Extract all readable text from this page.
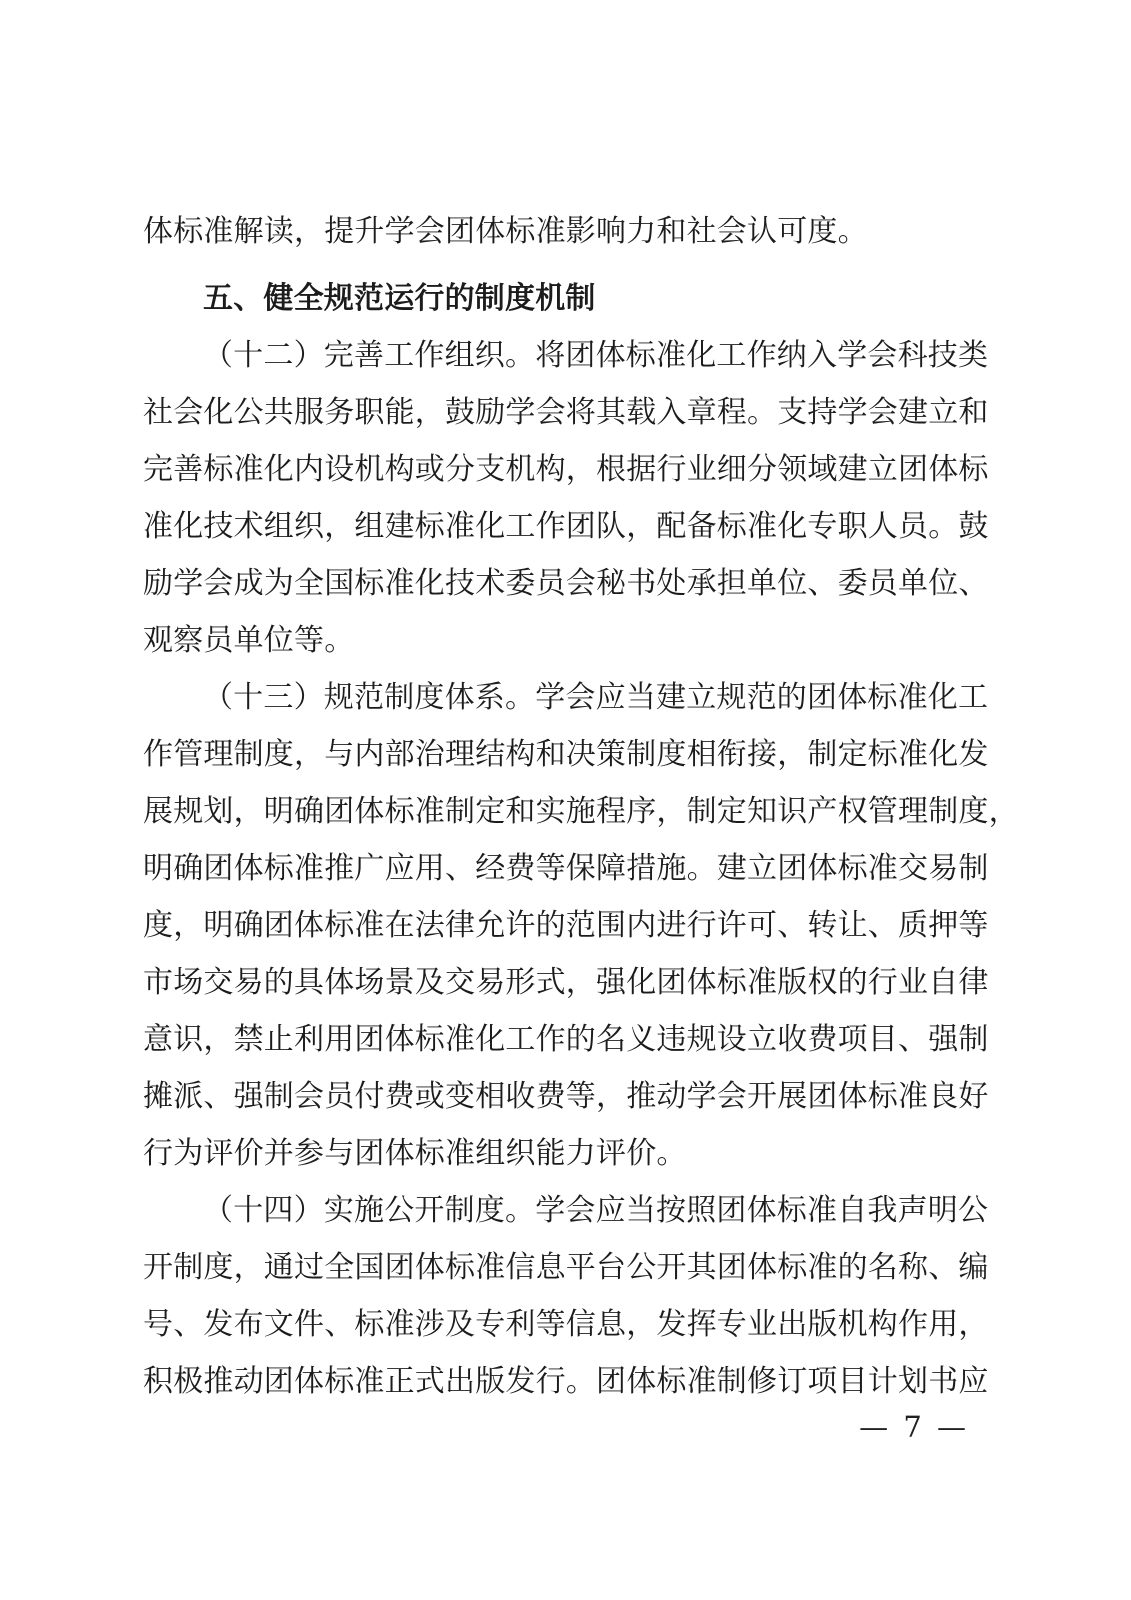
体标准解读，提升学会团体标准影响力和社会认可度。

五、健全规范运行的制度机制

（十二）完善工作组织。将团体标准化工作纳入学会科技类

社会化公共服务职能，鼓励学会将其载入章程。支持学会建立和

完善标准化内设机构或分支机构，根据行业细分领域建立团体标

准化技术组织，组建标准化工作团队，配备标准化专职人员。鼓

励学会成为全国标准化技术委员会秘书处承担单位、委员单位、

观察员单位等。

（十三）规范制度体系。学会应当建立规范的团体标准化工

作管理制度，与内部治理结构和决策制度相衔接，制定标准化发

展规划，明确团体标准制定和实施程序，制定知识产权管理制度，

明确团体标准推广应用、经费等保障措施。建立团体标准交易制

度，明确团体标准在法律允许的范围内进行许可、转让、质押等

市场交易的具体场景及交易形式，强化团体标准版权的行业自律

意识，禁止利用团体标准化工作的名义违规设立收费项目、强制

摊派、强制会员付费或变相收费等，推动学会开展团体标准良好

行为评价并参与团体标准组织能力评价。

（十四）实施公开制度。学会应当按照团体标准自我声明公

开制度，通过全国团体标准信息平台公开其团体标准的名称、编

号、发布文件、标准涉及专利等信息，发挥专业出版机构作用，

积极推动团体标准正式出版发行。团体标准制修订项目计划书应

— 7 —
